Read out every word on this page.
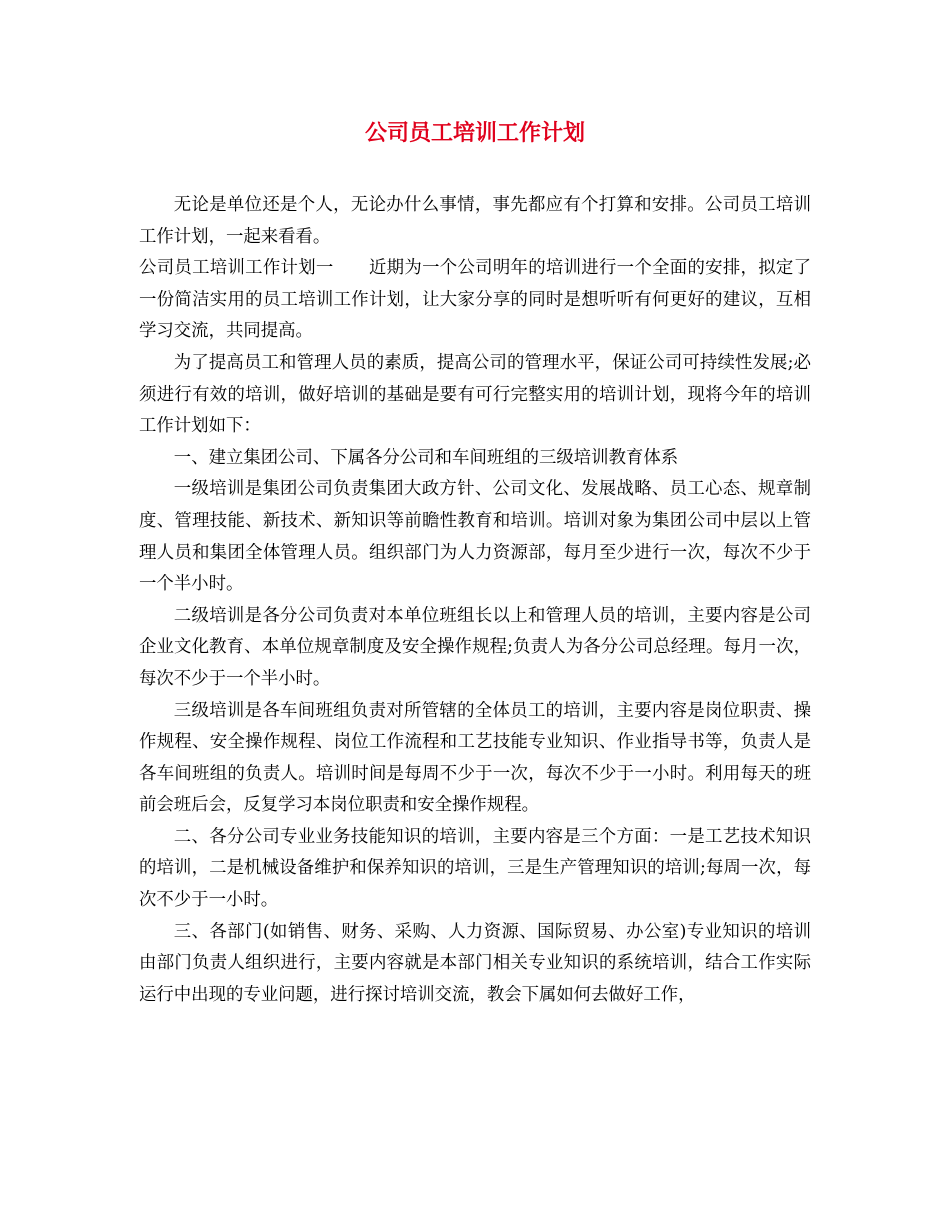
公司员工培训工作计划

无论是单位还是个人，无论办什么事情，事先都应有个打算和安排。公司员工培训工作计划，一起来看看。

公司员工培训工作计划一　　近期为一个公司明年的培训进行一个全面的安排，拟定了一份简洁实用的员工培训工作计划，让大家分享的同时是想听听有何更好的建议，互相学习交流，共同提高。

为了提高员工和管理人员的素质，提高公司的管理水平，保证公司可持续性发展;必须进行有效的培训，做好培训的基础是要有可行完整实用的培训计划，现将今年的培训工作计划如下：

一、建立集团公司、下属各分公司和车间班组的三级培训教育体系

一级培训是集团公司负责集团大政方针、公司文化、发展战略、员工心态、规章制度、管理技能、新技术、新知识等前瞻性教育和培训。培训对象为集团公司中层以上管理人员和集团全体管理人员。组织部门为人力资源部，每月至少进行一次，每次不少于一个半小时。

二级培训是各分公司负责对本单位班组长以上和管理人员的培训，主要内容是公司企业文化教育、本单位规章制度及安全操作规程;负责人为各分公司总经理。每月一次，每次不少于一个半小时。

三级培训是各车间班组负责对所管辖的全体员工的培训，主要内容是岗位职责、操作规程、安全操作规程、岗位工作流程和工艺技能专业知识、作业指导书等，负责人是各车间班组的负责人。培训时间是每周不少于一次，每次不少于一小时。利用每天的班前会班后会，反复学习本岗位职责和安全操作规程。

二、各分公司专业业务技能知识的培训，主要内容是三个方面：一是工艺技术知识的培训，二是机械设备维护和保养知识的培训，三是生产管理知识的培训;每周一次，每次不少于一小时。

三、各部门(如销售、财务、采购、人力资源、国际贸易、办公室)专业知识的培训由部门负责人组织进行，主要内容就是本部门相关专业知识的系统培训，结合工作实际运行中出现的专业问题，进行探讨培训交流，教会下属如何去做好工作，
